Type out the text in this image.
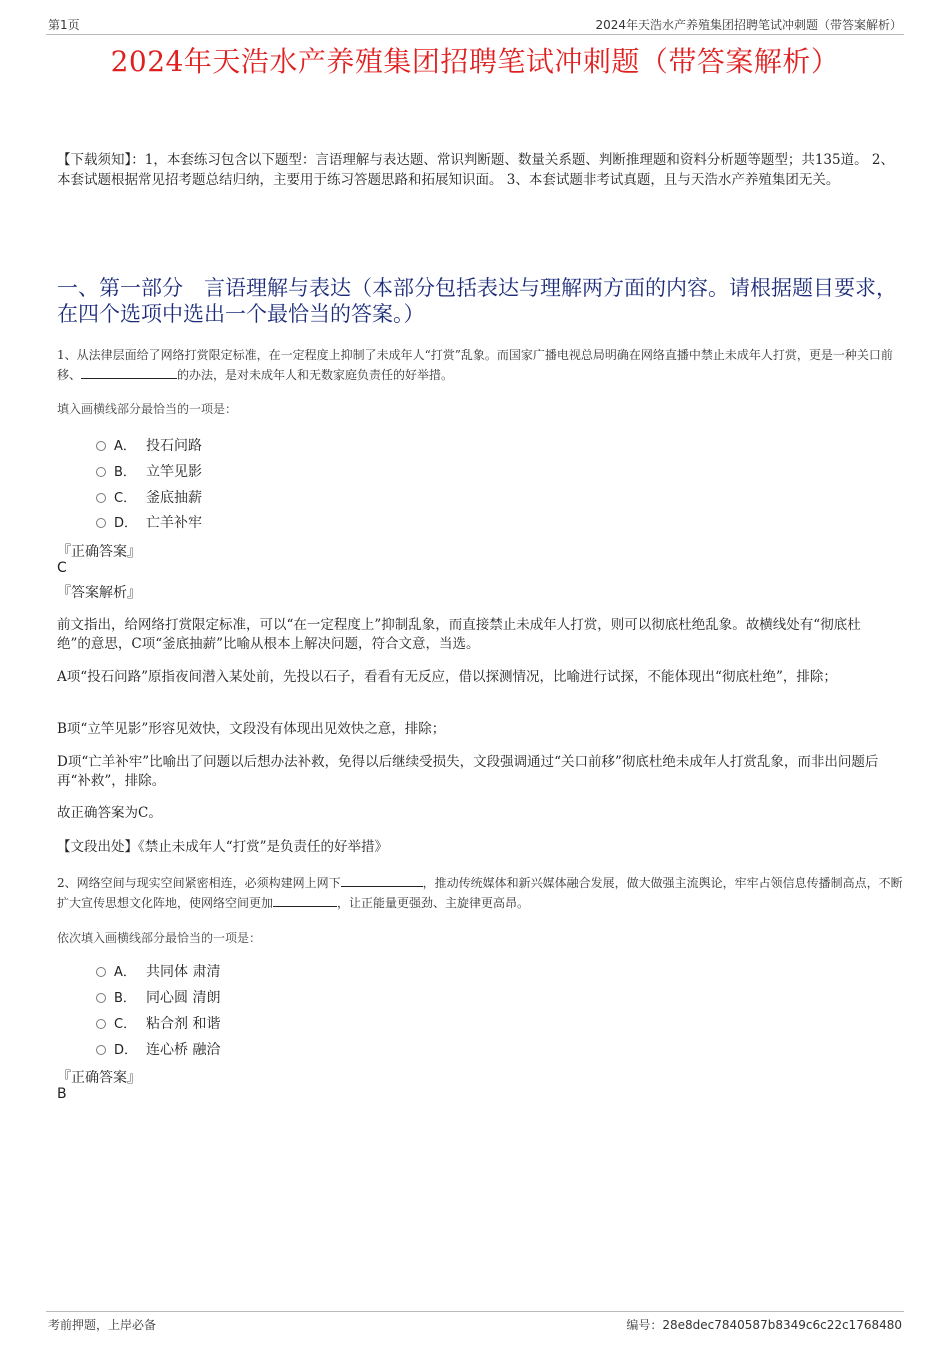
第1页	2024年天浩水产养殖集团招聘笔试冲刺题（带答案解析）
2024年天浩水产养殖集团招聘笔试冲刺题（带答案解析）
【下载须知】：1，本套练习包含以下题型：言语理解与表达题、常识判断题、数量关系题、判断推理题和资料分析题等题型；共135道。 2、本套试题根据常见招考题总结归纳，主要用于练习答题思路和拓展知识面。 3、本套试题非考试真题，且与天浩水产养殖集团无关。
一、第一部分　言语理解与表达（本部分包括表达与理解两方面的内容。请根据题目要求，在四个选项中选出一个最恰当的答案。）
1、从法律层面给了网络打赏限定标准，在一定程度上抑制了未成年人“打赏”乱象。而国家广播电视总局明确在网络直播中禁止未成年人打赏，更是一种关口前移、	的办法，是对未成年人和无数家庭负责任的好举措。
填入画横线部分最恰当的一项是：
A． 投石问路
B． 立竿见影
C． 釜底抽薪
D． 亡羊补牢
『正确答案』
C
『答案解析』
前文指出，给网络打赏限定标准，可以“在一定程度上”抑制乱象，而直接禁止未成年人打赏，则可以彻底杜绝乱象。故横线处有“彻底杜绝”的意思，C项“釜底抽薪”比喻从根本上解决问题，符合文意，当选。
A项“投石问路”原指夜间潜入某处前，先投以石子，看看有无反应，借以探测情况，比喻进行试探，不能体现出“彻底杜绝”，排除；
B项“立竿见影”形容见效快，文段没有体现出见效快之意，排除；
D项“亡羊补牢”比喻出了问题以后想办法补救，免得以后继续受损失，文段强调通过“关口前移”彻底杜绝未成年人打赏乱象，而非出问题后再“补救”，排除。
故正确答案为C。
【文段出处】《禁止未成年人“打赏”是负责任的好举措》
2、网络空间与现实空间紧密相连，必须构建网上网下	，推动传统媒体和新兴媒体融合发展，做大做强主流舆论，牢牢占领信息传播制高点，不断扩大宣传思想文化阵地，使网络空间更加	，让正能量更强劲、主旋律更高昂。
依次填入画横线部分最恰当的一项是：
A． 共同体 肃清
B． 同心圆 清朗
C． 粘合剂 和谐
D． 连心桥 融洽
『正确答案』
B
考前押题，上岸必备	编号：28e8dec7840587b8349c6c22c1768480
